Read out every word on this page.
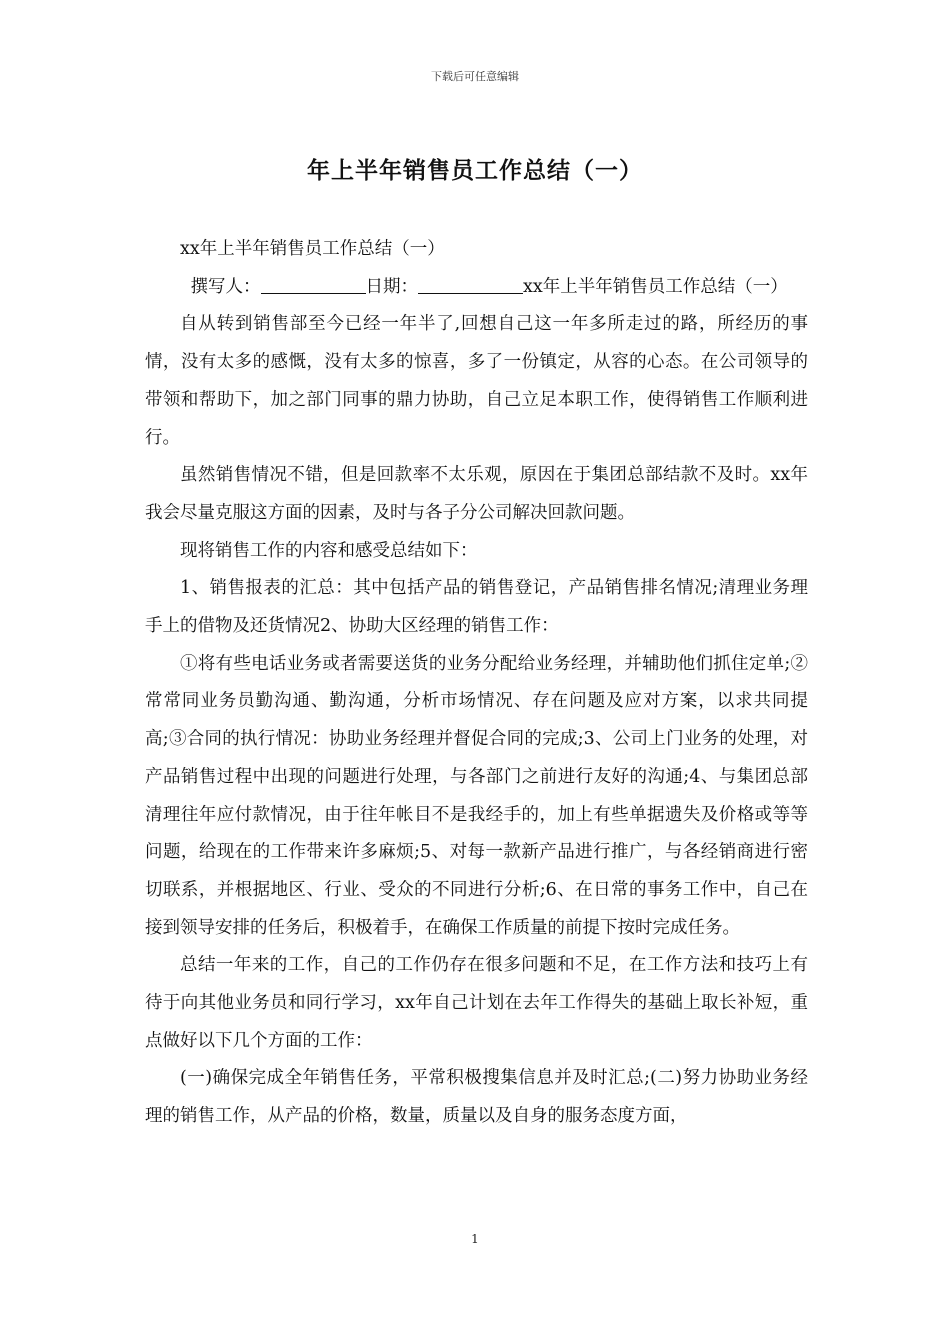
下载后可任意编辑
年上半年销售员工作总结（一）

xx年上半年销售员工作总结（一）

撰写人：	日期：	xx年上半年销售员工作总结（一）

自从转到销售部至今已经一年半了,回想自己这一年多所走过的路，所经历的事情，没有太多的感慨，没有太多的惊喜，多了一份镇定，从容的心态。在公司领导的带领和帮助下，加之部门同事的鼎力协助，自己立足本职工作，使得销售工作顺利进行。

虽然销售情况不错，但是回款率不太乐观，原因在于集团总部结款不及时。xx年我会尽量克服这方面的因素，及时与各子分公司解决回款问题。

现将销售工作的内容和感受总结如下：

1、销售报表的汇总：其中包括产品的销售登记，产品销售排名情况;清理业务理手上的借物及还货情况2、协助大区经理的销售工作：

①将有些电话业务或者需要送货的业务分配给业务经理，并辅助他们抓住定单;②常常同业务员勤沟通、勤沟通，分析市场情况、存在问题及应对方案，以求共同提高;③合同的执行情况：协助业务经理并督促合同的完成;3、公司上门业务的处理，对产品销售过程中出现的问题进行处理，与各部门之前进行友好的沟通;4、与集团总部清理往年应付款情况，由于往年帐目不是我经手的，加上有些单据遗失及价格或等等问题，给现在的工作带来许多麻烦;5、对每一款新产品进行推广，与各经销商进行密切联系，并根据地区、行业、受众的不同进行分析;6、在日常的事务工作中，自己在接到领导安排的任务后，积极着手，在确保工作质量的前提下按时完成任务。

总结一年来的工作，自己的工作仍存在很多问题和不足，在工作方法和技巧上有待于向其他业务员和同行学习，xx年自己计划在去年工作得失的基础上取长补短，重点做好以下几个方面的工作：

(一)确保完成全年销售任务，平常积极搜集信息并及时汇总;(二)努力协助业务经理的销售工作，从产品的价格，数量，质量以及自身的服务态度方面，

1
